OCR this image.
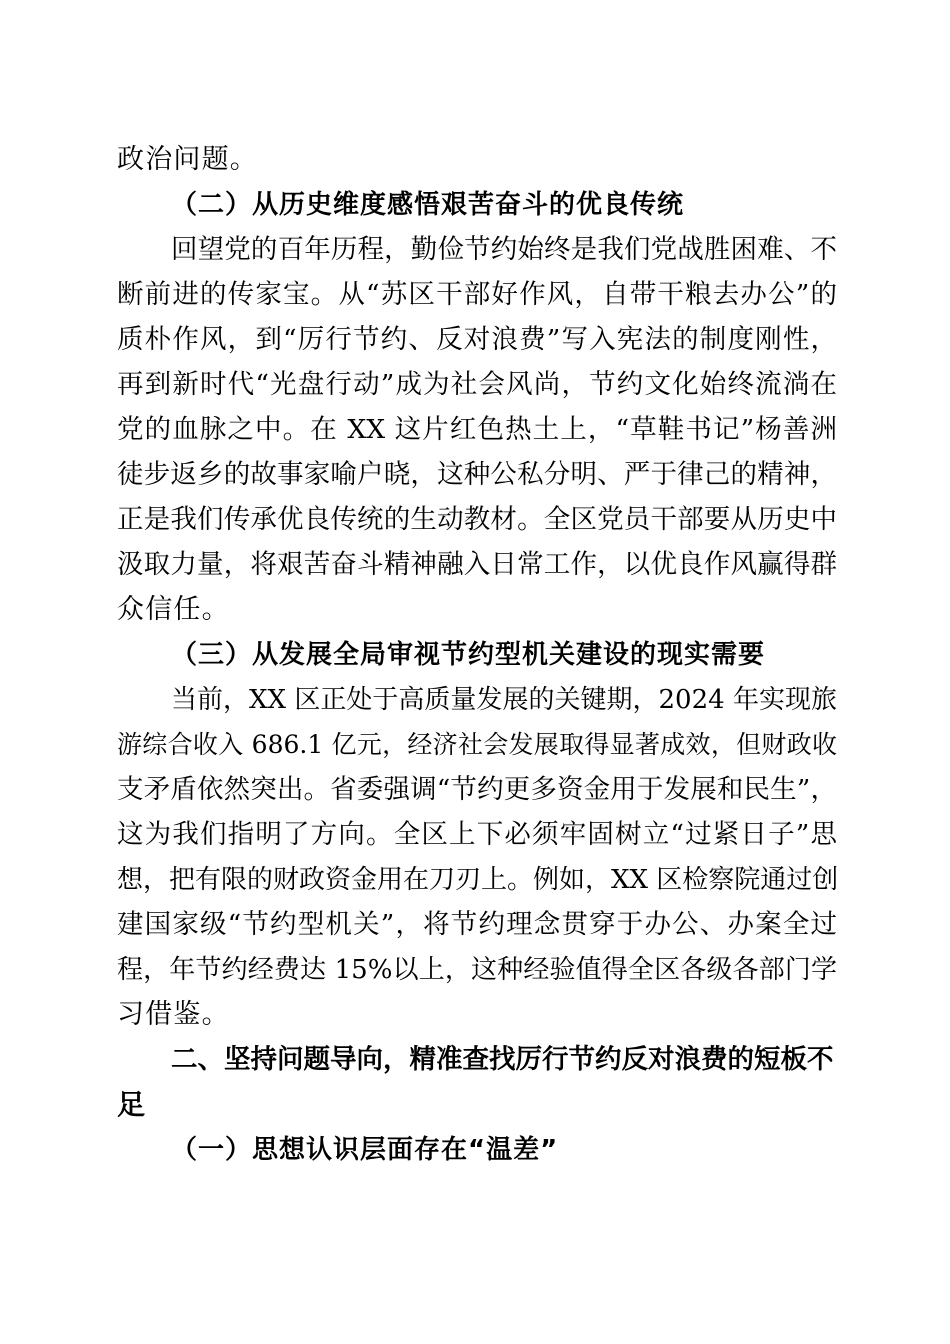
政治问题。
（二）从历史维度感悟艰苦奋斗的优良传统
回望党的百年历程，勤俭节约始终是我们党战胜困难、不
断前进的传家宝。从“苏区干部好作风，自带干粮去办公”的
质朴作风，到“厉行节约、反对浪费”写入宪法的制度刚性，
再到新时代“光盘行动”成为社会风尚，节约文化始终流淌在
党的血脉之中。在 XX 这片红色热土上，“草鞋书记”杨善洲
徒步返乡的故事家喻户晓，这种公私分明、严于律己的精神，
正是我们传承优良传统的生动教材。全区党员干部要从历史中
汲取力量，将艰苦奋斗精神融入日常工作，以优良作风赢得群
众信任。
（三）从发展全局审视节约型机关建设的现实需要
当前，XX 区正处于高质量发展的关键期，2024 年实现旅
游综合收入 686.1 亿元，经济社会发展取得显著成效，但财政收
支矛盾依然突出。省委强调“节约更多资金用于发展和民生”，
这为我们指明了方向。全区上下必须牢固树立“过紧日子”思
想，把有限的财政资金用在刀刃上。例如，XX 区检察院通过创
建国家级“节约型机关”，将节约理念贯穿于办公、办案全过
程，年节约经费达 15%以上，这种经验值得全区各级各部门学
习借鉴。
二、坚持问题导向，精准查找厉行节约反对浪费的短板不
足
（一）思想认识层面存在“温差”
